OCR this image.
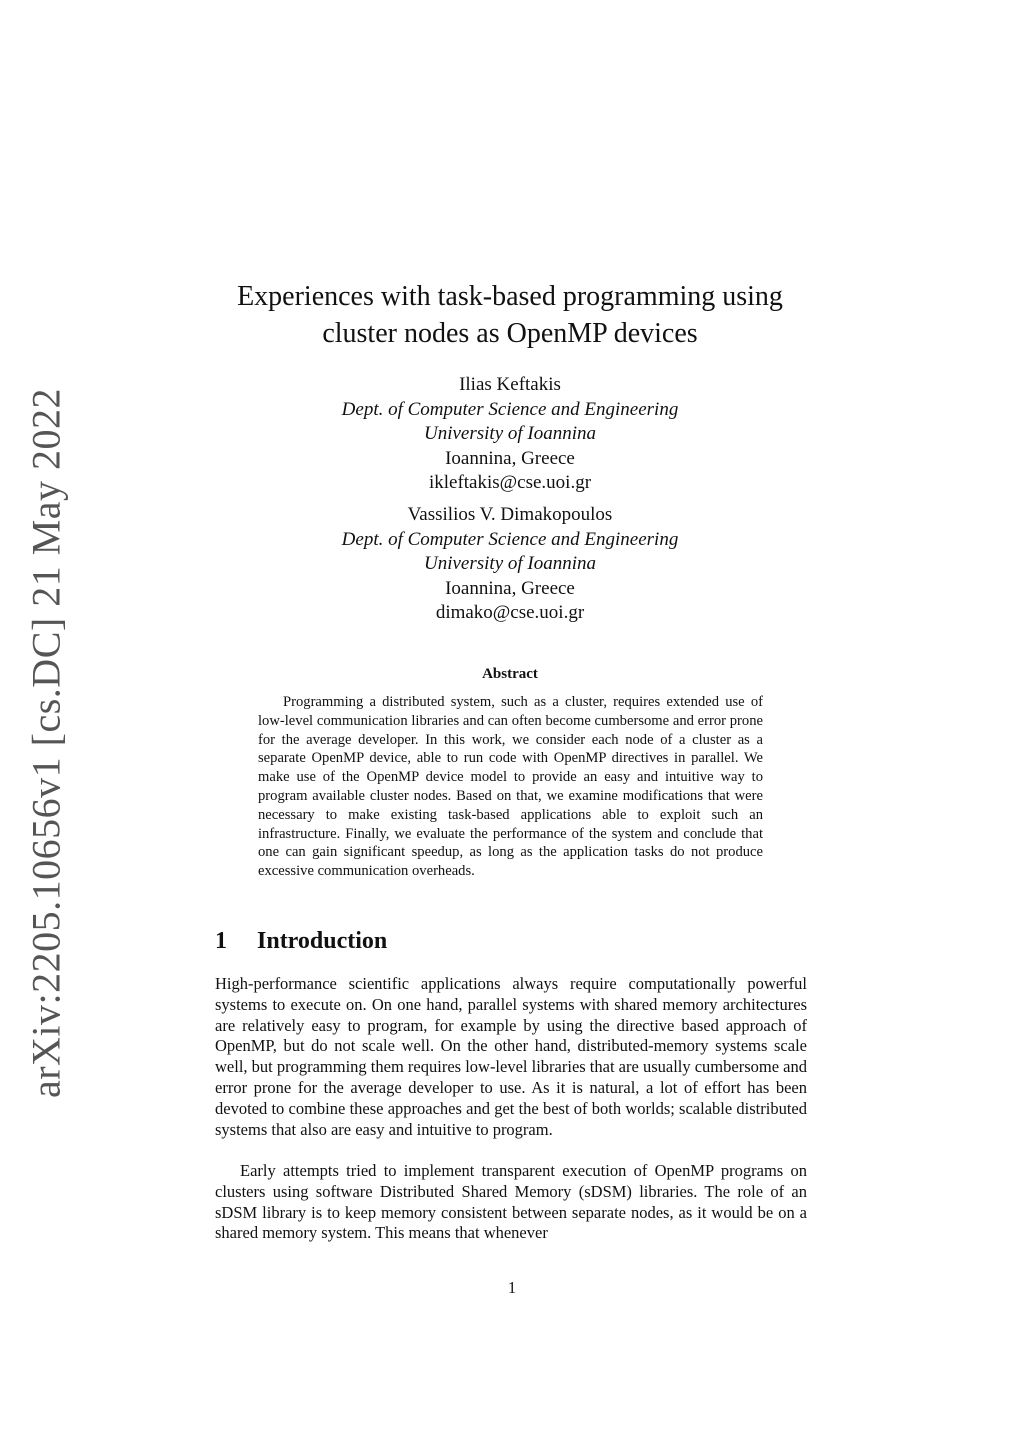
arXiv:2205.10656v1 [cs.DC] 21 May 2022
Experiences with task-based programming using
cluster nodes as OpenMP devices
Ilias Keftakis
Dept. of Computer Science and Engineering
University of Ioannina
Ioannina, Greece
ikleftakis@cse.uoi.gr
Vassilios V. Dimakopoulos
Dept. of Computer Science and Engineering
University of Ioannina
Ioannina, Greece
dimako@cse.uoi.gr
Abstract

Programming a distributed system, such as a cluster, requires extended use of low-level communication libraries and can often become cumbersome and error prone for the average developer. In this work, we consider each node of a cluster as a separate OpenMP device, able to run code with OpenMP directives in parallel. We make use of the OpenMP device model to provide an easy and intuitive way to program available cluster nodes. Based on that, we examine modifications that were necessary to make existing task-based applications able to exploit such an infrastructure. Finally, we evaluate the performance of the system and conclude that one can gain significant speedup, as long as the application tasks do not produce excessive communication overheads.

1 Introduction

High-performance scientific applications always require computationally powerful systems to execute on. On one hand, parallel systems with shared memory architectures are relatively easy to program, for example by using the directive based approach of OpenMP, but do not scale well. On the other hand, distributed-memory systems scale well, but programming them requires low-level libraries that are usually cumbersome and error prone for the average developer to use. As it is natural, a lot of effort has been devoted to combine these approaches and get the best of both worlds; scalable distributed systems that also are easy and intuitive to program.

Early attempts tried to implement transparent execution of OpenMP programs on clusters using software Distributed Shared Memory (sDSM) libraries. The role of an sDSM library is to keep memory consistent between separate nodes, as it would be on a shared memory system. This means that whenever

1
